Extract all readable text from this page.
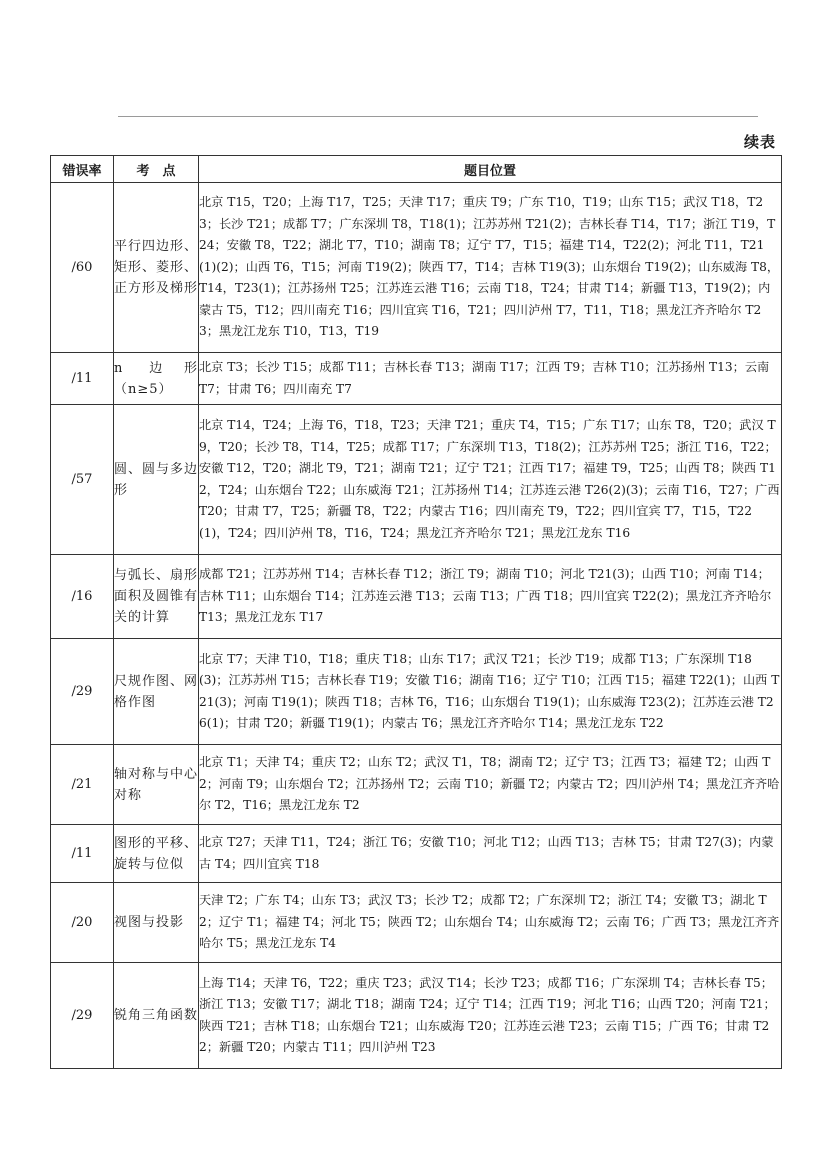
续表
错误率	考　点	题目位置
/60	平行四边形、矩形、菱形、正方形及梯形	北京 T15，T20；上海 T17，T25；天津 T17；重庆 T9；广东 T10，T19；山东 T15；武汉 T18，T23；长沙 T21；成都 T7；广东深圳 T8，T18(1)；江苏苏州 T21(2)；吉林长春 T14，T17；浙江 T19，T24；安徽 T8，T22；湖北 T7，T10；湖南 T8；辽宁 T7，T15；福建 T14，T22(2)；河北 T11，T21(1)(2)；山西 T6，T15；河南 T19(2)；陕西 T7，T14；吉林 T19(3)；山东烟台 T19(2)；山东威海 T8，T14，T23(1)；江苏扬州 T25；江苏连云港 T16；云南 T18，T24；甘肃 T14；新疆 T13，T19(2)；内蒙古 T5，T12；四川南充 T16；四川宜宾 T16，T21；四川泸州 T7，T11，T18；黑龙江齐齐哈尔 T23；黑龙江龙东 T10，T13，T19
/11	n 边形（n≥5）	北京 T3；长沙 T15；成都 T11；吉林长春 T13；湖南 T17；江西 T9；吉林 T10；江苏扬州 T13；云南 T7；甘肃 T6；四川南充 T7
/57	圆、圆与多边形	北京 T14，T24；上海 T6，T18，T23；天津 T21；重庆 T4，T15；广东 T17；山东 T8，T20；武汉 T9，T20；长沙 T8，T14，T25；成都 T17；广东深圳 T13，T18(2)；江苏苏州 T25；浙江 T16，T22；安徽 T12，T20；湖北 T9，T21；湖南 T21；辽宁 T21；江西 T17；福建 T9，T25；山西 T8；陕西 T12，T24；山东烟台 T22；山东威海 T21；江苏扬州 T14；江苏连云港 T26(2)(3)；云南 T16，T27；广西 T20；甘肃 T7，T25；新疆 T8，T22；内蒙古 T16；四川南充 T9，T22；四川宜宾 T7，T15，T22(1)，T24；四川泸州 T8，T16，T24；黑龙江齐齐哈尔 T21；黑龙江龙东 T16
/16	与弧长、扇形面积及圆锥有关的计算	成都 T21；江苏苏州 T14；吉林长春 T12；浙江 T9；湖南 T10；河北 T21(3)；山西 T10；河南 T14；吉林 T11；山东烟台 T14；江苏连云港 T13；云南 T13；广西 T18；四川宜宾 T22(2)；黑龙江齐齐哈尔 T13；黑龙江龙东 T17
/29	尺规作图、网格作图	北京 T7；天津 T10，T18；重庆 T18；山东 T17；武汉 T21；长沙 T19；成都 T13；广东深圳 T18(3)；江苏苏州 T15；吉林长春 T19；安徽 T16；湖南 T16；辽宁 T10；江西 T15；福建 T22(1)；山西 T21(3)；河南 T19(1)；陕西 T18；吉林 T6，T16；山东烟台 T19(1)；山东威海 T23(2)；江苏连云港 T26(1)；甘肃 T20；新疆 T19(1)；内蒙古 T6；黑龙江齐齐哈尔 T14；黑龙江龙东 T22
/21	轴对称与中心对称	北京 T1；天津 T4；重庆 T2；山东 T2；武汉 T1，T8；湖南 T2；辽宁 T3；江西 T3；福建 T2；山西 T2；河南 T9；山东烟台 T2；江苏扬州 T2；云南 T10；新疆 T2；内蒙古 T2；四川泸州 T4；黑龙江齐齐哈尔 T2，T16；黑龙江龙东 T2
/11	图形的平移、旋转与位似	北京 T27；天津 T11，T24；浙江 T6；安徽 T10；河北 T12；山西 T13；吉林 T5；甘肃 T27(3)；内蒙古 T4；四川宜宾 T18
/20	视图与投影	天津 T2；广东 T4；山东 T3；武汉 T3；长沙 T2；成都 T2；广东深圳 T2；浙江 T4；安徽 T3；湖北 T2；辽宁 T1；福建 T4；河北 T5；陕西 T2；山东烟台 T4；山东威海 T2；云南 T6；广西 T3；黑龙江齐齐哈尔 T5；黑龙江龙东 T4
/29	锐角三角函数	上海 T14；天津 T6，T22；重庆 T23；武汉 T14；长沙 T23；成都 T16；广东深圳 T4；吉林长春 T5；浙江 T13；安徽 T17；湖北 T18；湖南 T24；辽宁 T14；江西 T19；河北 T16；山西 T20；河南 T21；陕西 T21；吉林 T18；山东烟台 T21；山东威海 T20；江苏连云港 T23；云南 T15；广西 T6；甘肃 T22；新疆 T20；内蒙古 T11；四川泸州 T23
